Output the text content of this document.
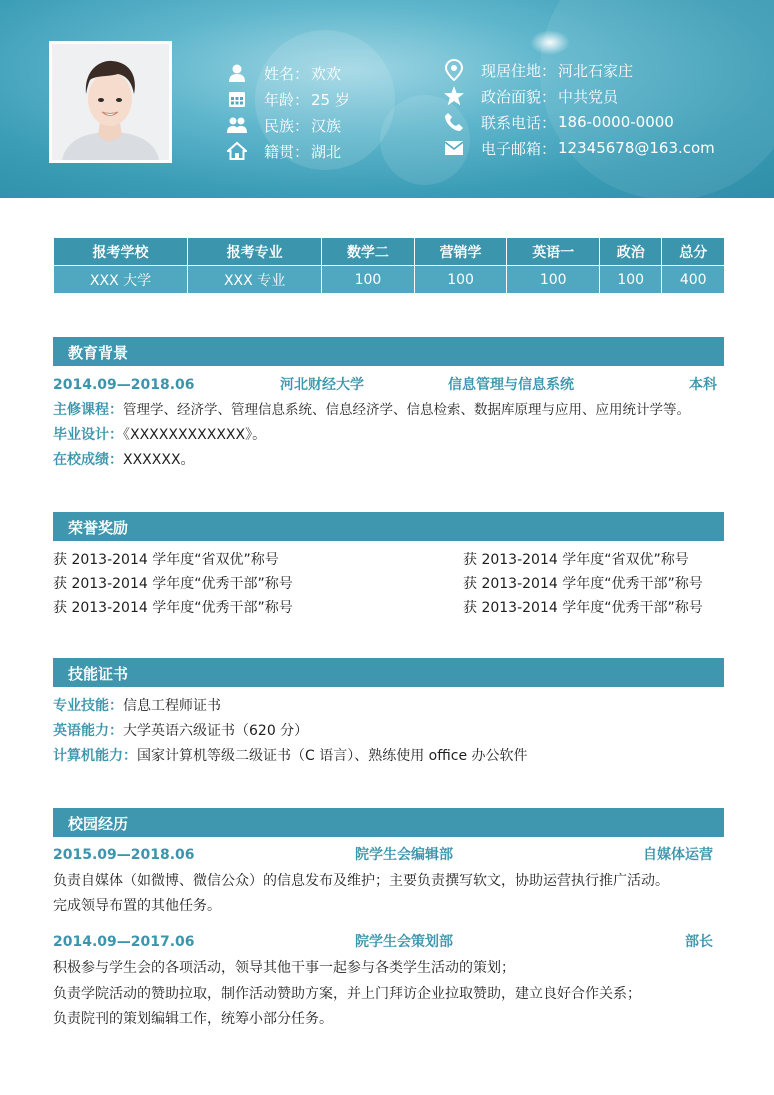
姓名： 欢欢
年龄： 25 岁
民族： 汉族
籍贯： 湖北
现居住地： 河北石家庄
政治面貌： 中共党员
联系电话： 186-0000-0000
电子邮箱： 12345678@163.com
报考学校	报考专业	数学二	营销学	英语一	政治	总分
XXX 大学	XXX 专业	100	100	100	100	400
教育背景
2014.09—2018.06	河北财经大学	信息管理与信息系统	本科
主修课程：管理学、经济学、管理信息系统、信息经济学、信息检索、数据库原理与应用、应用统计学等。
毕业设计：《XXXXXXXXXXXX》。
在校成绩：XXXXXX。
荣誉奖励
获 2013-2014 学年度“省双优”称号	获 2013-2014 学年度“省双优”称号
获 2013-2014 学年度“优秀干部”称号	获 2013-2014 学年度“优秀干部”称号
获 2013-2014 学年度“优秀干部”称号	获 2013-2014 学年度“优秀干部”称号
技能证书
专业技能：信息工程师证书
英语能力：大学英语六级证书（620 分）
计算机能力：国家计算机等级二级证书（C 语言）、熟练使用 office 办公软件
校园经历
2015.09—2018.06	院学生会编辑部	自媒体运营
负责自媒体（如微博、微信公众）的信息发布及维护；主要负责撰写软文，协助运营执行推广活动。
完成领导布置的其他任务。
2014.09—2017.06	院学生会策划部	部长
积极参与学生会的各项活动，领导其他干事一起参与各类学生活动的策划；
负责学院活动的赞助拉取，制作活动赞助方案，并上门拜访企业拉取赞助，建立良好合作关系；
负责院刊的策划编辑工作，统筹小部分任务。
